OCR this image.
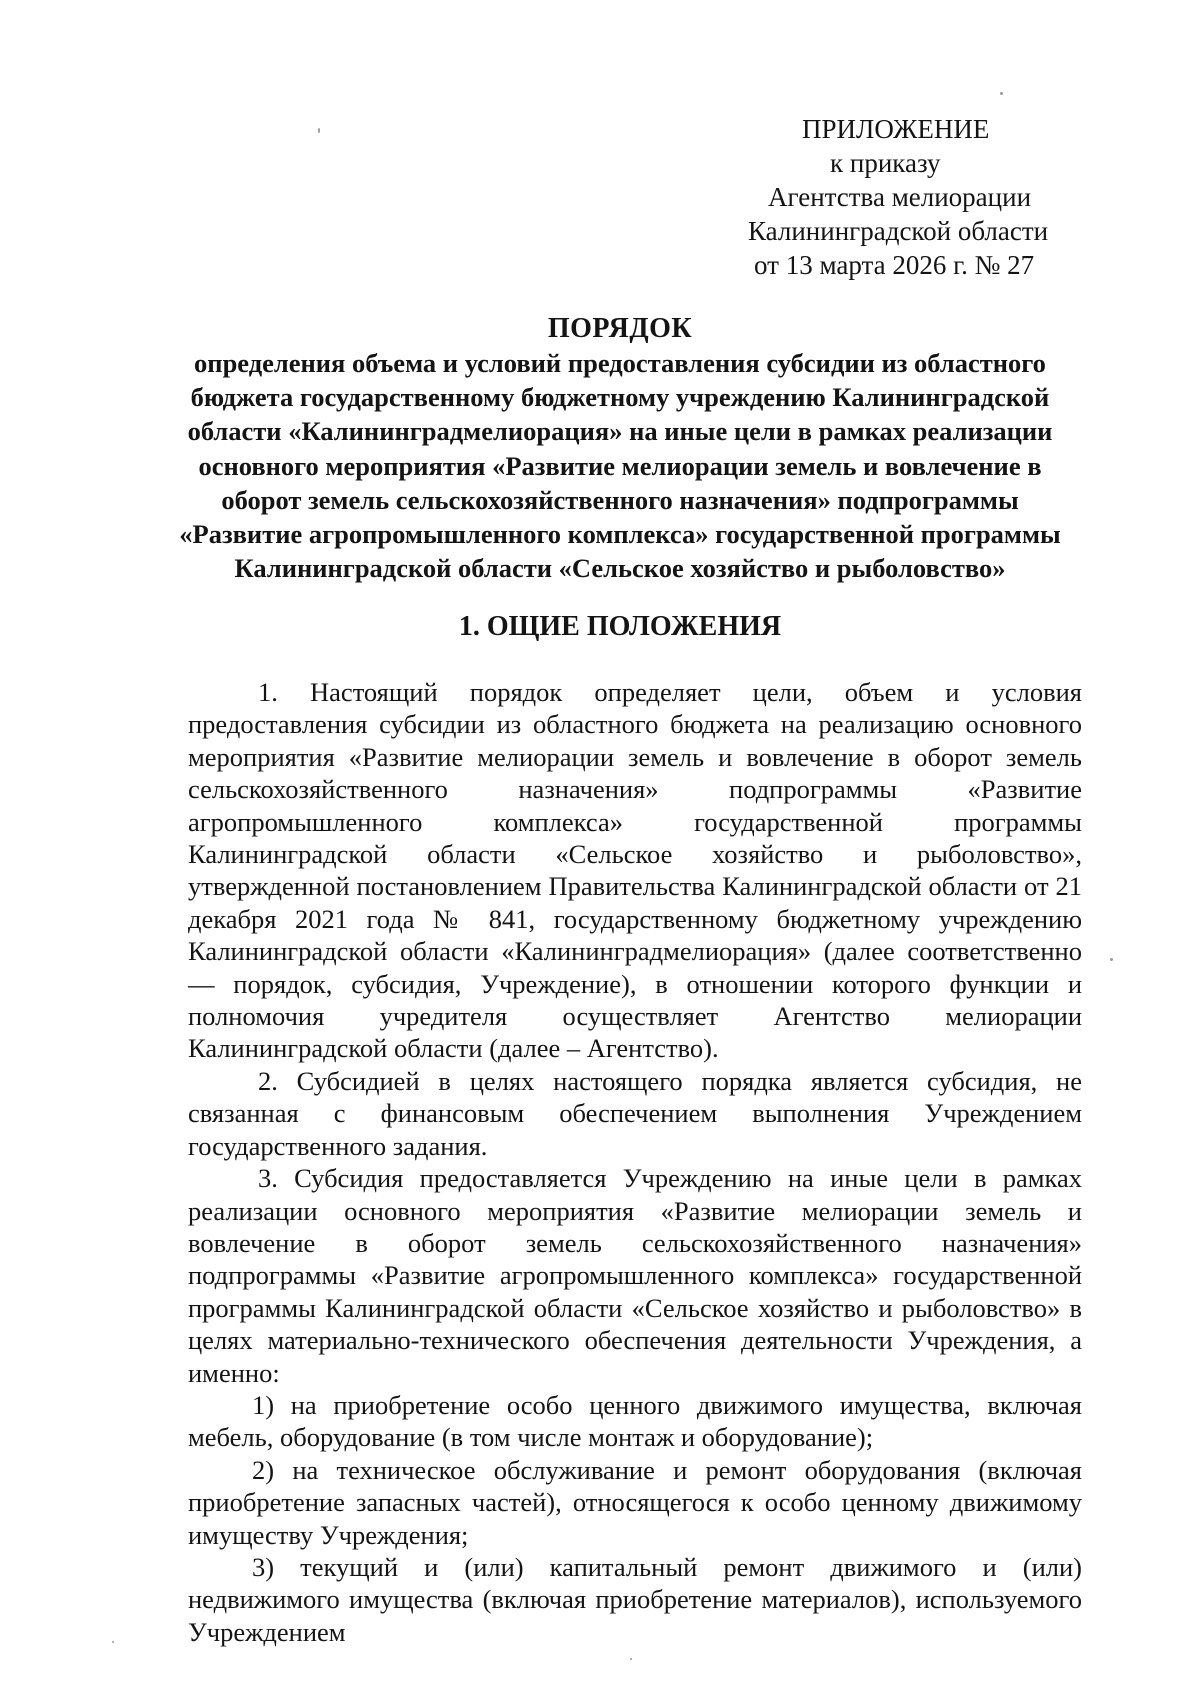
ПРИЛОЖЕНИЕ
к приказу
Агентства мелиорации
Калининградской области
от 13 марта 2026 г. № 27
ПОРЯДОК
определения объема и условий предоставления субсидии из областного бюджета государственному бюджетному учреждению Калининградской области «Калининградмелиорация» на иные цели в рамках реализации основного мероприятия «Развитие мелиорации земель и вовлечение в оборот земель сельскохозяйственного назначения» подпрограммы «Развитие агропромышленного комплекса» государственной программы Калининградской области «Сельское хозяйство и рыболовство»
1. ОЩИЕ ПОЛОЖЕНИЯ

1. Настоящий порядок определяет цели, объем и условия предоставления субсидии из областного бюджета на реализацию основного мероприятия «Развитие мелиорации земель и вовлечение в оборот земель сельскохозяйственного назначения» подпрограммы «Развитие агропромышленного комплекса» государственной программы Калининградской области «Сельское хозяйство и рыболовство», утвержденной постановлением Правительства Калининградской области от 21 декабря 2021 года № 841, государственному бюджетному учреждению Калининградской области «Калининградмелиорация» (далее соответственно — порядок, субсидия, Учреждение), в отношении которого функции и полномочия учредителя осуществляет Агентство мелиорации Калининградской области (далее – Агентство).

2. Субсидией в целях настоящего порядка является субсидия, не связанная с финансовым обеспечением выполнения Учреждением государственного задания.

3. Субсидия предоставляется Учреждению на иные цели в рамках реализации основного мероприятия «Развитие мелиорации земель и вовлечение в оборот земель сельскохозяйственного назначения» подпрограммы «Развитие агропромышленного комплекса» государственной программы Калининградской области «Сельское хозяйство и рыболовство» в целях материально-технического обеспечения деятельности Учреждения, а именно:

1) на приобретение особо ценного движимого имущества, включая мебель, оборудование (в том числе монтаж и оборудование);

2) на техническое обслуживание и ремонт оборудования (включая приобретение запасных частей), относящегося к особо ценному движимому имуществу Учреждения;

3) текущий и (или) капитальный ремонт движимого и (или) недвижимого имущества (включая приобретение материалов), используемого Учреждением
